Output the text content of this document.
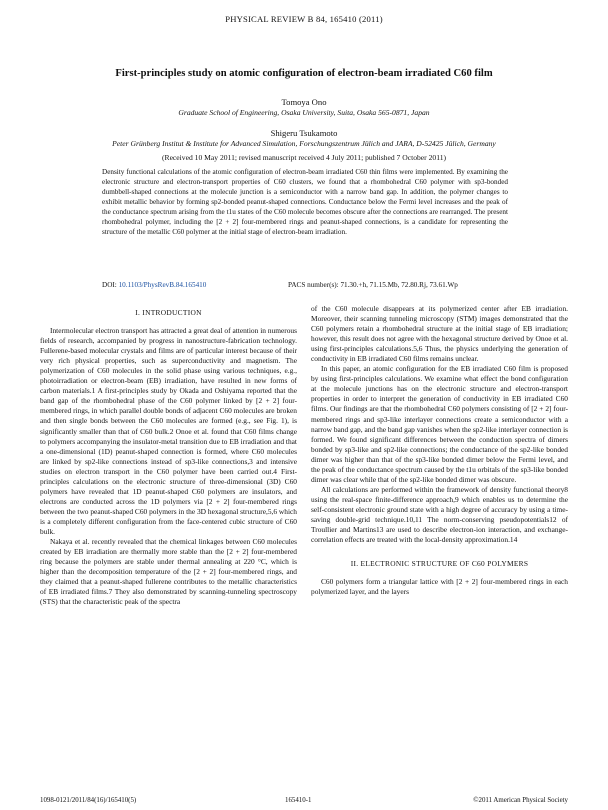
PHYSICAL REVIEW B 84, 165410 (2011)
First-principles study on atomic configuration of electron-beam irradiated C60 film
Tomoya Ono
Graduate School of Engineering, Osaka University, Suita, Osaka 565-0871, Japan
Shigeru Tsukamoto
Peter Grünberg Institut & Institute for Advanced Simulation, Forschungszentrum Jülich and JARA, D-52425 Jülich, Germany
(Received 10 May 2011; revised manuscript received 4 July 2011; published 7 October 2011)
Density functional calculations of the atomic configuration of electron-beam irradiated C60 thin films were implemented. By examining the electronic structure and electron-transport properties of C60 clusters, we found that a rhombohedral C60 polymer with sp3-bonded dumbbell-shaped connections at the molecule junction is a semiconductor with a narrow band gap. In addition, the polymer changes to exhibit metallic behavior by forming sp2-bonded peanut-shaped connections. Conductance below the Fermi level increases and the peak of the conductance spectrum arising from the t1u states of the C60 molecule becomes obscure after the connections are rearranged. The present rhombohedral polymer, including the [2 + 2] four-membered rings and peanut-shaped connections, is a candidate for representing the structure of the metallic C60 polymer at the initial stage of electron-beam irradiation.
DOI: 10.1103/PhysRevB.84.165410	PACS number(s): 71.30.+h, 71.15.Mb, 72.80.Rj, 73.61.Wp
I. INTRODUCTION

Intermolecular electron transport has attracted a great deal of attention in numerous fields of research, accompanied by progress in nanostructure-fabrication technology. Fullerene-based molecular crystals and films are of particular interest because of their very rich physical properties, such as superconductivity and magnetism. The polymerization of C60 molecules in the solid phase using various techniques, e.g., photoirradiation or electron-beam (EB) irradiation, have resulted in new forms of carbon materials.1 A first-principles study by Okada and Oshiyama reported that the band gap of the rhombohedral phase of the C60 polymer linked by [2 + 2] four-membered rings, in which parallel double bonds of adjacent C60 molecules are broken and then single bonds between the C60 molecules are formed (e.g., see Fig. 1), is significantly smaller than that of C60 bulk.2 Onoe et al. found that C60 films change to polymers accompanying the insulator-metal transition due to EB irradiation and that a one-dimensional (1D) peanut-shaped connection is formed, where C60 molecules are linked by sp2-like connections instead of sp3-like connections,3 and intensive studies on electron transport in the C60 polymer have been carried out.4 First-principles calculations on the electronic structure of three-dimensional (3D) C60 polymers have revealed that 1D peanut-shaped C60 polymers are insulators, and electrons are conducted across the 1D polymers via [2 + 2] four-membered rings between the two peanut-shaped C60 polymers in the 3D hexagonal structure,5,6 which is a completely different configuration from the face-centered cubic structure of C60 bulk.

Nakaya et al. recently revealed that the chemical linkages between C60 molecules created by EB irradiation are thermally more stable than the [2 + 2] four-membered ring because the polymers are stable under thermal annealing at 220 °C, which is higher than the decomposition temperature of the [2 + 2] four-membered rings, and they claimed that a peanut-shaped fullerene contributes to the metallic characteristics of EB irradiated films.7 They also demonstrated by scanning-tunneling spectroscopy (STS) that the characteristic peak of the spectra

of the C60 molecule disappears at its polymerized center after EB irradiation. Moreover, their scanning tunneling microscopy (STM) images demonstrated that the C60 polymers retain a rhombohedral structure at the initial stage of EB irradiation; however, this result does not agree with the hexagonal structure derived by Onoe et al. using first-principles calculations.5,6 Thus, the physics underlying the generation of conductivity in EB irradiated C60 films remains unclear.

In this paper, an atomic configuration for the EB irradiated C60 film is proposed by using first-principles calculations. We examine what effect the bond configuration at the molecule junctions has on the electronic structure and electron-transport properties in order to interpret the generation of conductivity in EB irradiated C60 films. Our findings are that the rhombohedral C60 polymers consisting of [2 + 2] four-membered rings and sp3-like interlayer connections create a semiconductor with a narrow band gap, and the band gap vanishes when the sp2-like interlayer connection is formed. We found significant differences between the conduction spectra of dimers bonded by sp3-like and sp2-like connections; the conductance of the sp2-like bonded dimer was higher than that of the sp3-like bonded dimer below the Fermi level, and the peak of the conductance spectrum caused by the t1u orbitals of the sp3-like bonded dimer was clear while that of the sp2-like bonded dimer was obscure.

All calculations are performed within the framework of density functional theory8 using the real-space finite-difference approach,9 which enables us to determine the self-consistent electronic ground state with a high degree of accuracy by using a time-saving double-grid technique.10,11 The norm-conserving pseudopotentials12 of Troullier and Martins13 are used to describe electron-ion interaction, and exchange-correlation effects are treated with the local-density approximation.14

II. ELECTRONIC STRUCTURE OF C60 POLYMERS

C60 polymers form a triangular lattice with [2 + 2] four-membered rings in each polymerized layer, and the layers

1098-0121/2011/84(16)/165410(5)	165410-1	©2011 American Physical Society
